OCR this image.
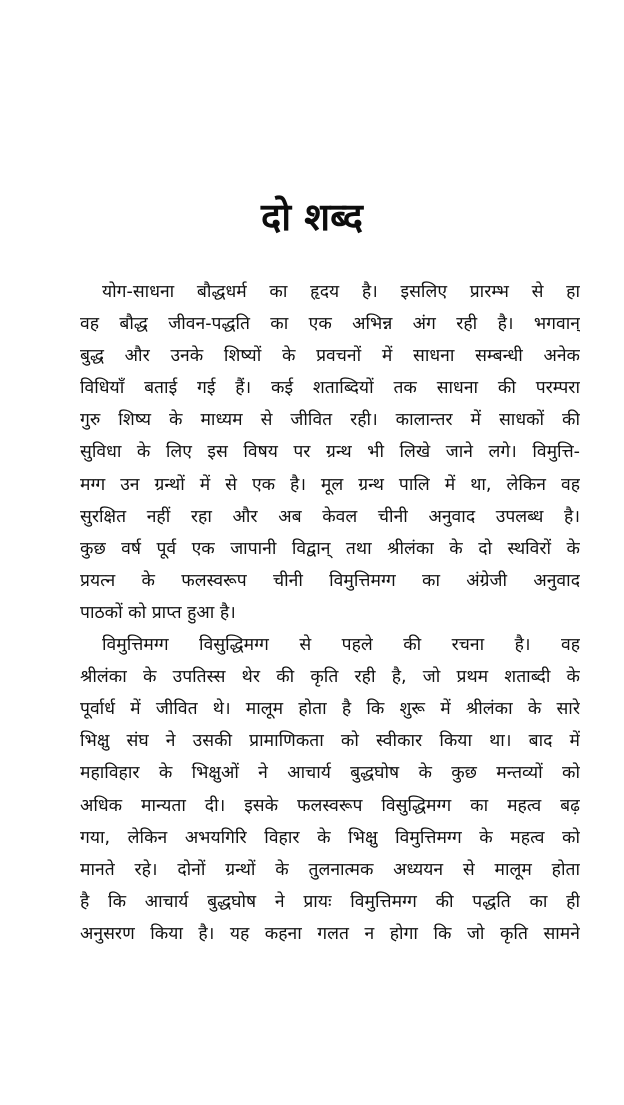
दो शब्द
योग-साधना बौद्धधर्म का हृदय है। इसलिए प्रारम्भ से हा
वह बौद्ध जीवन-पद्धति का एक अभिन्न अंग रही है। भगवान्
बुद्ध और उनके शिष्यों के प्रवचनों में साधना सम्बन्धी अनेक
विधियाँ बताई गई हैं। कई शताब्दियों तक साधना की परम्परा
गुरु शिष्य के माध्यम से जीवित रही। कालान्तर में साधकों की
सुविधा के लिए इस विषय पर ग्रन्थ भी लिखे जाने लगे। विमुत्ति-
मग्ग उन ग्रन्थों में से एक है। मूल ग्रन्थ पालि में था, लेकिन वह
सुरक्षित नहीं रहा और अब केवल चीनी अनुवाद उपलब्ध है।
कुछ वर्ष पूर्व एक जापानी विद्वान् तथा श्रीलंका के दो स्थविरों के
प्रयत्न के फलस्वरूप चीनी विमुत्तिमग्ग का अंग्रेजी अनुवाद
पाठकों को प्राप्त हुआ है।
विमुत्तिमग्ग विसुद्धिमग्ग से पहले की रचना है। वह
श्रीलंका के उपतिस्स थेर की कृति रही है, जो प्रथम शताब्दी के
पूर्वार्ध में जीवित थे। मालूम होता है कि शुरू में श्रीलंका के सारे
भिक्षु संघ ने उसकी प्रामाणिकता को स्वीकार किया था। बाद में
महाविहार के भिक्षुओं ने आचार्य बुद्धघोष के कुछ मन्तव्यों को
अधिक मान्यता दी। इसके फलस्वरूप विसुद्धिमग्ग का महत्व बढ़
गया, लेकिन अभयगिरि विहार के भिक्षु विमुत्तिमग्ग के महत्व को
मानते रहे। दोनों ग्रन्थों के तुलनात्मक अध्ययन से मालूम होता
है कि आचार्य बुद्धघोष ने प्रायः विमुत्तिमग्ग की पद्धति का ही
अनुसरण किया है। यह कहना गलत न होगा कि जो कृति सामने
